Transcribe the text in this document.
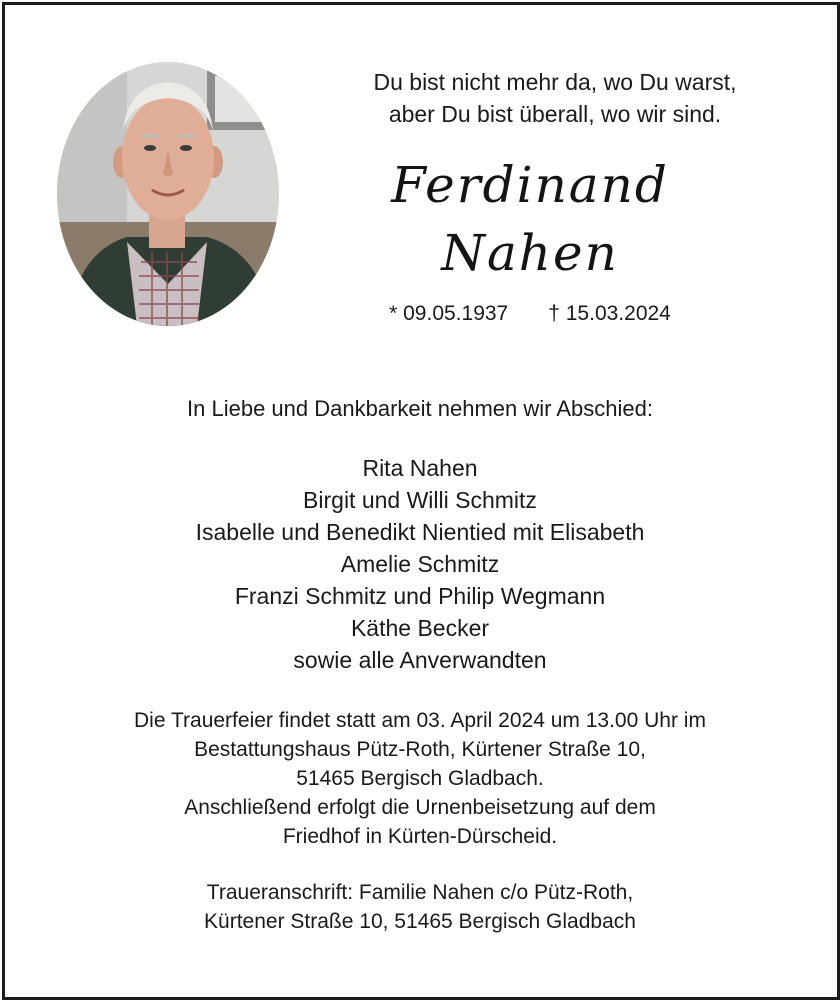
Du bist nicht mehr da, wo Du warst,
aber Du bist überall, wo wir sind.
Ferdinand
Nahen
* 09.05.1937 † 15.03.2024
In Liebe und Dankbarkeit nehmen wir Abschied:
Rita Nahen
Birgit und Willi Schmitz
Isabelle und Benedikt Nientied mit Elisabeth
Amelie Schmitz
Franzi Schmitz und Philip Wegmann
Käthe Becker
sowie alle Anverwandten
Die Trauerfeier findet statt am 03. April 2024 um 13.00 Uhr im
Bestattungshaus Pütz-Roth, Kürtener Straße 10,
51465 Bergisch Gladbach.
Anschließend erfolgt die Urnenbeisetzung auf dem
Friedhof in Kürten-Dürscheid.
Traueranschrift: Familie Nahen c/o Pütz-Roth,
Kürtener Straße 10, 51465 Bergisch Gladbach
